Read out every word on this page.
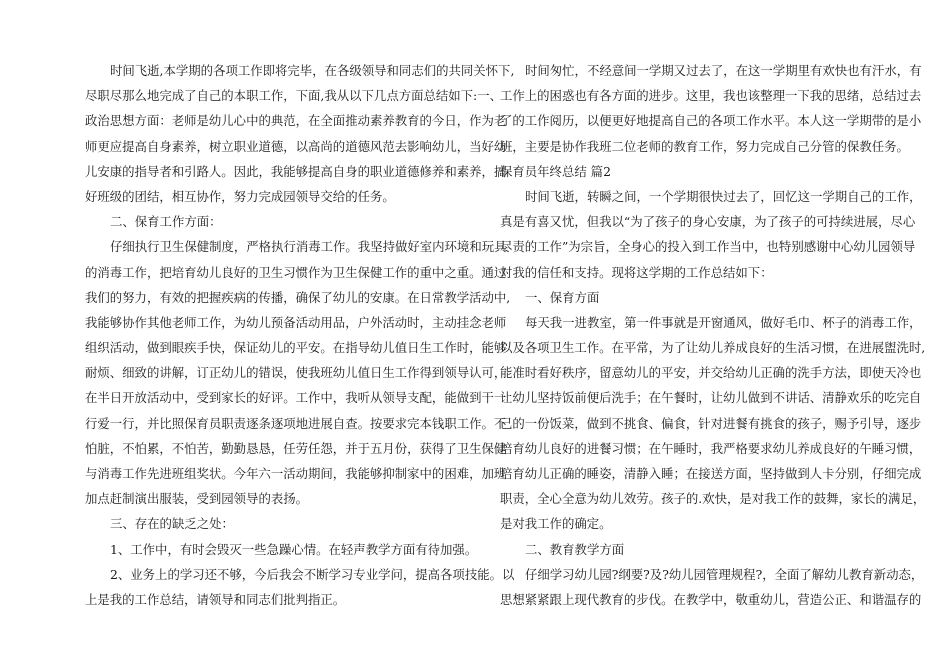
时间飞逝,本学期的各项工作即将完毕，在各级领导和同志们的共同关怀下,
尽职尽那么地完成了自己的本职工作，下面,我从以下几点方面总结如下:一、
政治思想方面：老师是幼儿心中的典范，在全面推动素养教育的今日，作为老
师更应提高自身素养，树立职业道德，以高尚的道德风范去影响幼儿，当好幼
儿安康的指导者和引路人。因此，我能够提高自身的职业道德修养和素养，搞
好班级的团结，相互协作，努力完成园领导交给的任务。
二、保育工作方面：
仔细执行卫生保健制度，严格执行消毒工作。我坚持做好室内环境和玩具
的消毒工作，把培育幼儿良好的卫生习惯作为卫生保健工作的重中之重。通过
我们的努力，有效的把握疾病的传播，确保了幼儿的安康。在日常教学活动中,
我能够协作其他老师工作，为幼儿预备活动用品，户外活动时，主动挂念老师
组织活动，做到眼疾手快，保证幼儿的平安。在指导幼儿值日生工作时，能够
耐烦、细致的讲解，订正幼儿的错误，使我班幼儿值日生工作得到领导认可，
在半日开放活动中，受到家长的好评。工作中，我听从领导支配，能做到干一
行爱一行，并比照保育员职责逐条逐项地进展自查。按要求完本钱职工作。不
怕脏，不怕累，不怕苦，勤勤恳恳，任劳任怨，并于五月份，获得了卫生保健
与消毒工作先进班组奖状。今年六一活动期间，我能够抑制家中的困难，加班
加点赶制演出服装，受到园领导的表扬。
三、存在的缺乏之处：
1、工作中，有时会毁灭一些急躁心情。在轻声教学方面有待加强。
2、业务上的学习还不够，今后我会不断学习专业学问，提高各项技能。以
上是我的工作总结，请领导和同志们批判指正。
时间匆忙，不经意间一学期又过去了，在这一学期里有欢快也有汗水，有
工作上的困惑也有各方面的进步。这里，我也该整理一下我的思绪，总结过去
了的工作阅历，以便更好地提高自己的各项工作水平。本人这一学期带的是小
班，主要是协作我班二位老师的教育工作，努力完成自己分管的保教任务。
保育员年终总结 篇2
时间飞逝，转瞬之间，一个学期很快过去了，回忆这一学期自己的工作，
真是有喜又忧，但我以“为了孩子的身心安康，为了孩子的可持续进展，尽心
尽责的工作”为宗旨，全身心的投入到工作当中，也特别感谢中心幼儿园领导
对我的信任和支持。现将这学期的工作总结如下：
一、保育方面
每天我一进教室，第一件事就是开窗通风，做好毛巾、杯子的消毒工作，
以及各项卫生工作。在平常，为了让幼儿养成良好的生活习惯，在进展盥洗时,
能准时看好秩序，留意幼儿的平安，并交给幼儿正确的洗手方法，即使天冷也
让幼儿坚持饭前便后洗手；在午餐时，让幼儿做到不讲话、清静欢乐的吃完自
己的一份饭菜，做到不挑食、偏食，针对进餐有挑食的孩子，赐予引导，逐步
培育幼儿良好的进餐习惯；在午睡时，我严格要求幼儿养成良好的午睡习惯，
培育幼儿正确的睡姿，清静入睡；在接送方面，坚持做到人卡分别，仔细完成
职责，全心全意为幼儿效劳。孩子的.欢快，是对我工作的鼓舞，家长的满足，
是对我工作的确定。
二、教育教学方面
仔细学习幼儿园?纲要?及?幼儿园管理规程?，全面了解幼儿教育新动态，
思想紧紧跟上现代教育的步伐。在教学中，敬重幼儿，营造公正、和谐温存的
